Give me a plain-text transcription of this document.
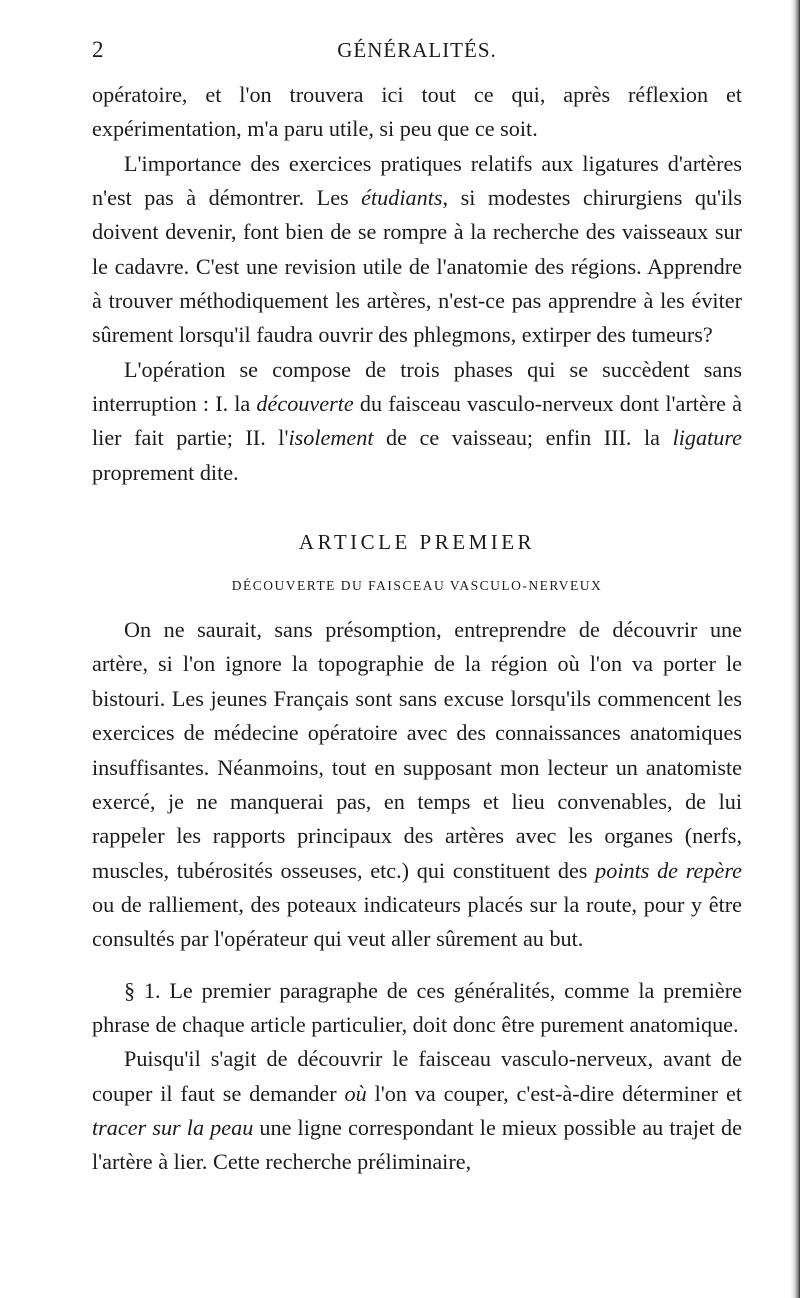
2	GÉNÉRALITÉS.

opératoire, et l'on trouvera ici tout ce qui, après réflexion et expérimentation, m'a paru utile, si peu que ce soit.

L'importance des exercices pratiques relatifs aux ligatures d'artères n'est pas à démontrer. Les étudiants, si modestes chirurgiens qu'ils doivent devenir, font bien de se rompre à la recherche des vaisseaux sur le cadavre. C'est une revision utile de l'anatomie des régions. Apprendre à trouver méthodiquement les artères, n'est-ce pas apprendre à les éviter sûrement lorsqu'il faudra ouvrir des phlegmons, extirper des tumeurs?

L'opération se compose de trois phases qui se succèdent sans interruption : I. la découverte du faisceau vasculo-nerveux dont l'artère à lier fait partie; II. l'isolement de ce vaisseau; enfin III. la ligature proprement dite.

ARTICLE PREMIER
DÉCOUVERTE DU FAISCEAU VASCULO-NERVEUX

On ne saurait, sans présomption, entreprendre de découvrir une artère, si l'on ignore la topographie de la région où l'on va porter le bistouri. Les jeunes Français sont sans excuse lorsqu'ils commencent les exercices de médecine opératoire avec des connaissances anatomiques insuffisantes. Néanmoins, tout en supposant mon lecteur un anatomiste exercé, je ne manquerai pas, en temps et lieu convenables, de lui rappeler les rapports principaux des artères avec les organes (nerfs, muscles, tubérosités osseuses, etc.) qui constituent des points de repère ou de ralliement, des poteaux indicateurs placés sur la route, pour y être consultés par l'opérateur qui veut aller sûrement au but.

§ 1. Le premier paragraphe de ces généralités, comme la première phrase de chaque article particulier, doit donc être purement anatomique.

Puisqu'il s'agit de découvrir le faisceau vasculo-nerveux, avant de couper il faut se demander où l'on va couper, c'est-à-dire déterminer et tracer sur la peau une ligne correspondant le mieux possible au trajet de l'artère à lier. Cette recherche préliminaire,
